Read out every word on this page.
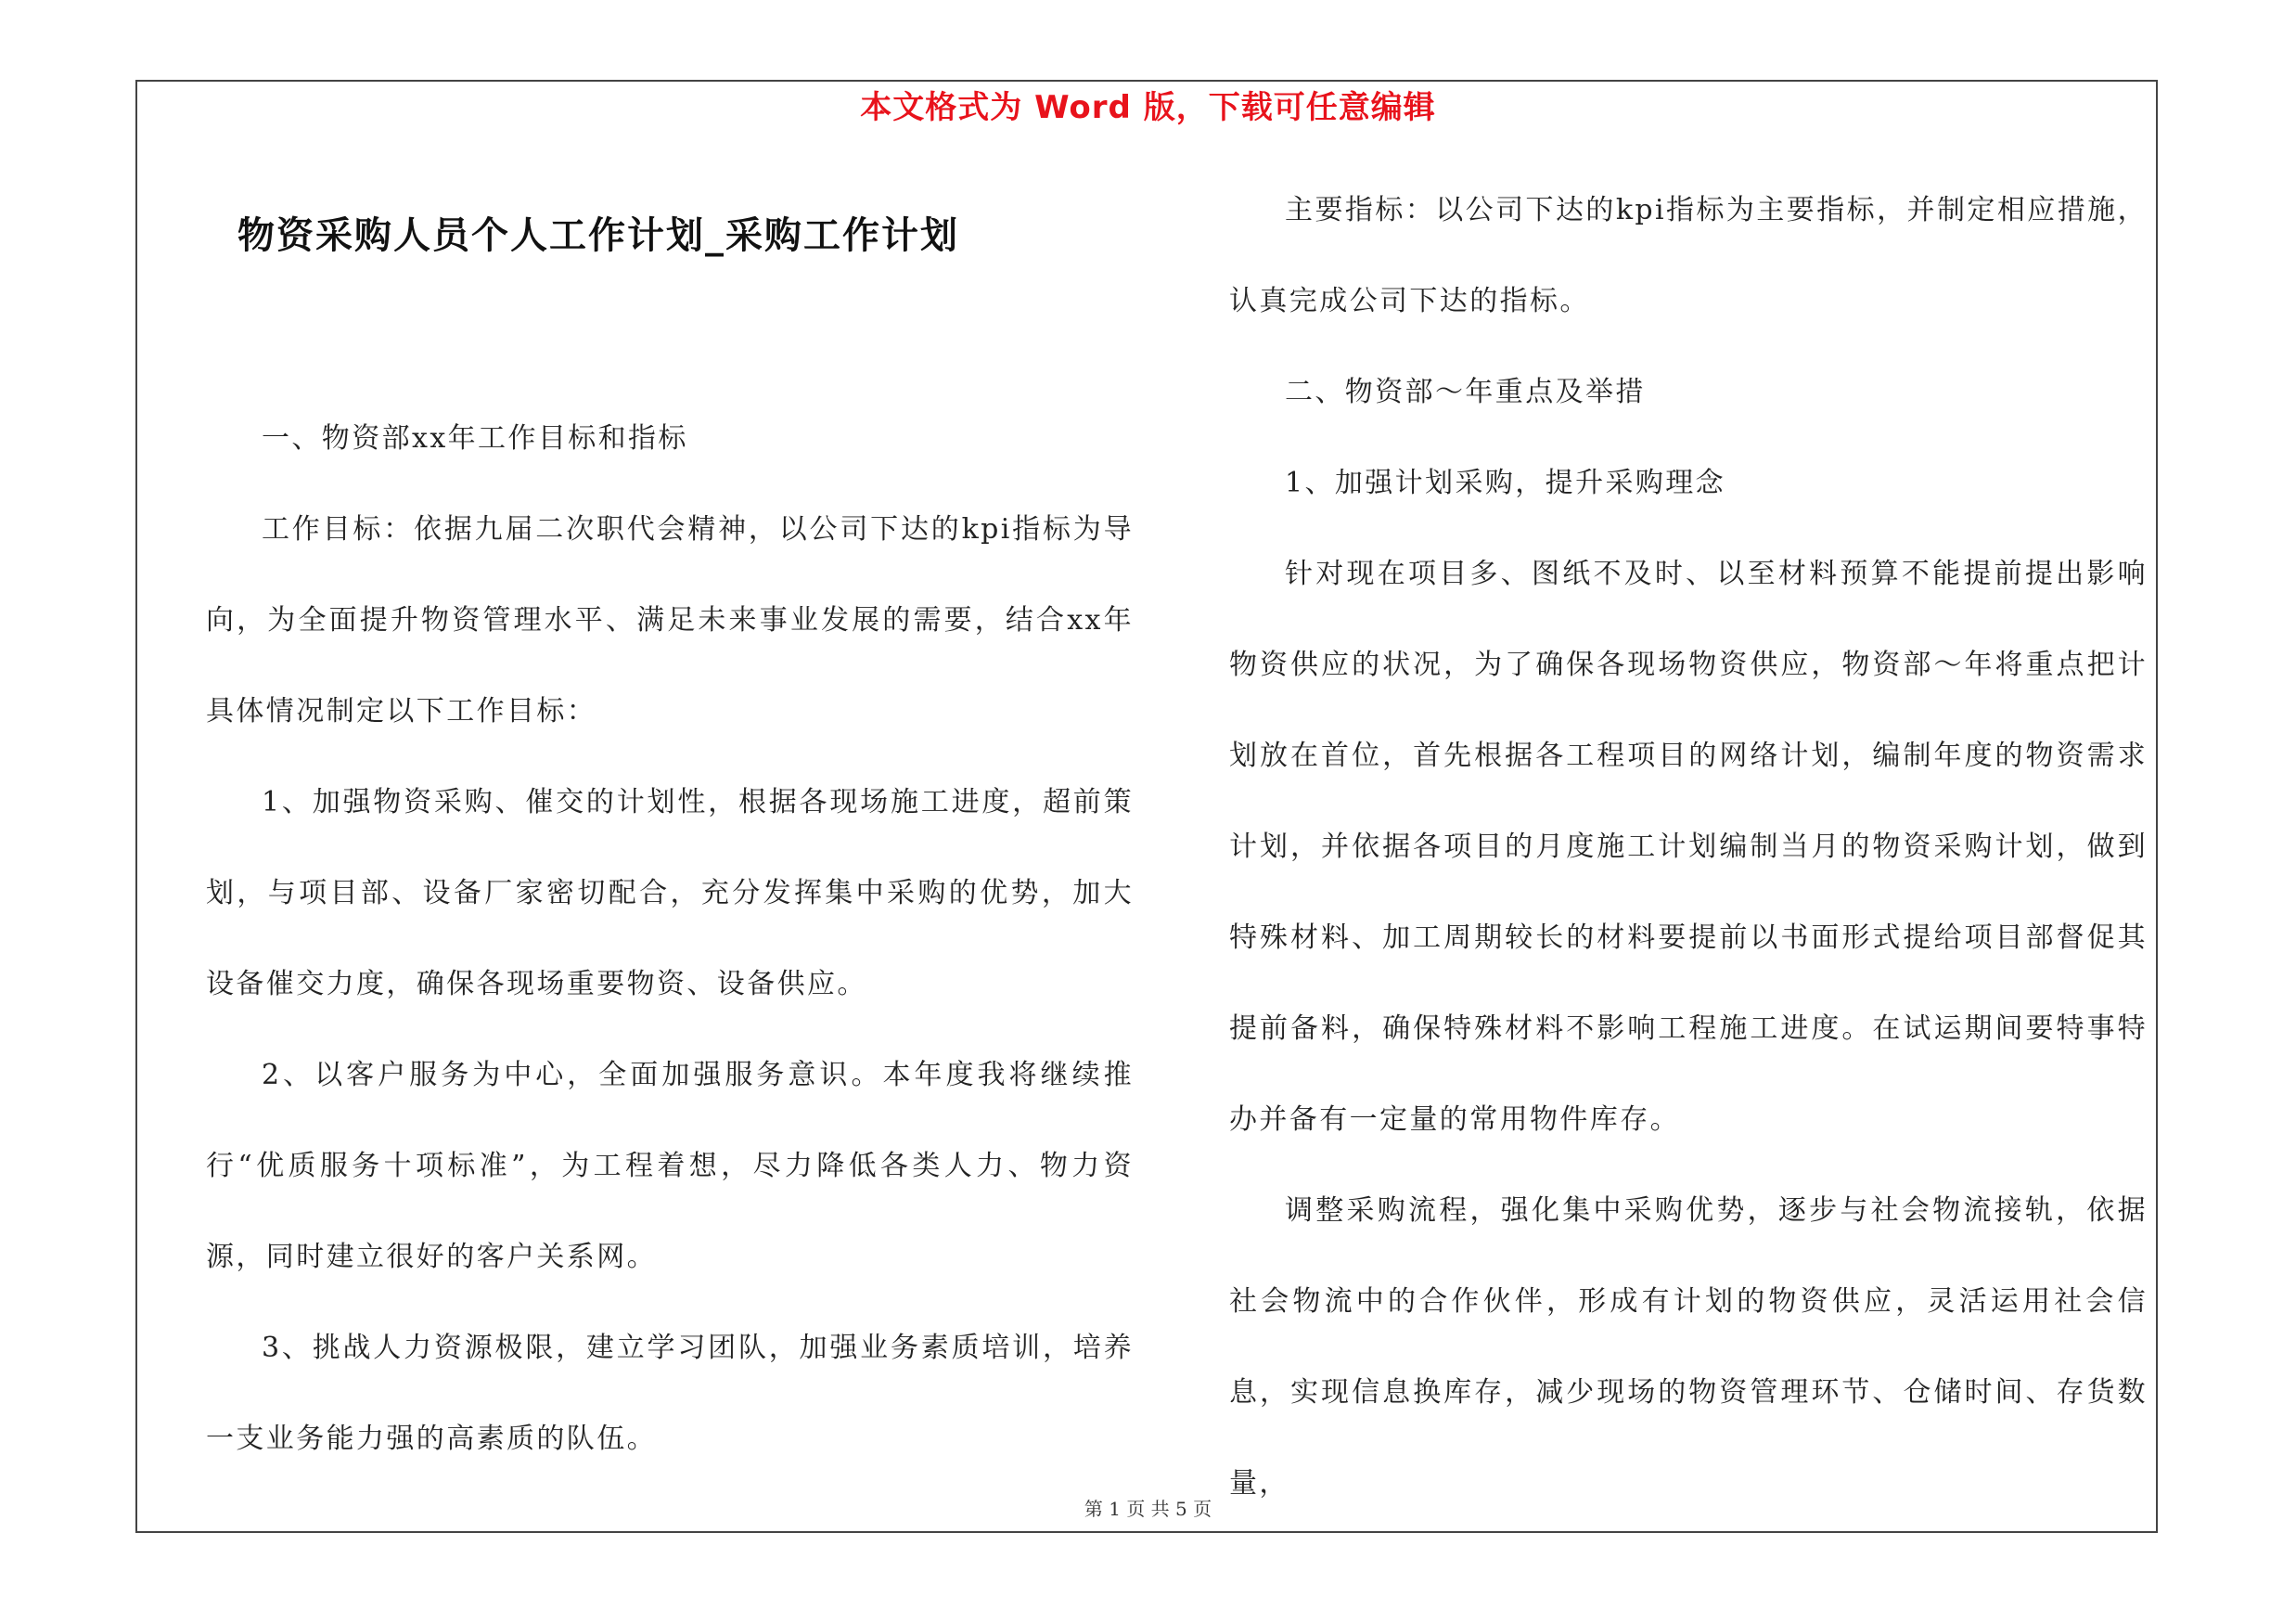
本文格式为 Word 版，下载可任意编辑
物资采购人员个人工作计划_采购工作计划

一、物资部xx年工作目标和指标

工作目标：依据九届二次职代会精神，以公司下达的kpi指标为导向，为全面提升物资管理水平、满足未来事业发展的需要，结合xx年具体情况制定以下工作目标：

1、加强物资采购、催交的计划性，根据各现场施工进度，超前策划，与项目部、设备厂家密切配合，充分发挥集中采购的优势，加大设备催交力度，确保各现场重要物资、设备供应。

2、以客户服务为中心，全面加强服务意识。本年度我将继续推行“优质服务十项标准”，为工程着想，尽力降低各类人力、物力资源，同时建立很好的客户关系网。

3、挑战人力资源极限，建立学习团队，加强业务素质培训，培养一支业务能力强的高素质的队伍。

主要指标：以公司下达的kpi指标为主要指标，并制定相应措施，认真完成公司下达的指标。

二、物资部～年重点及举措

1、加强计划采购，提升采购理念

针对现在项目多、图纸不及时、以至材料预算不能提前提出影响物资供应的状况，为了确保各现场物资供应，物资部～年将重点把计划放在首位，首先根据各工程项目的网络计划，编制年度的物资需求计划，并依据各项目的月度施工计划编制当月的物资采购计划，做到特殊材料、加工周期较长的材料要提前以书面形式提给项目部督促其提前备料，确保特殊材料不影响工程施工进度。在试运期间要特事特办并备有一定量的常用物件库存。

调整采购流程，强化集中采购优势，逐步与社会物流接轨，依据社会物流中的合作伙伴，形成有计划的物资供应，灵活运用社会信息，实现信息换库存，减少现场的物资管理环节、仓储时间、存货数量，

第 1 页 共 5 页
